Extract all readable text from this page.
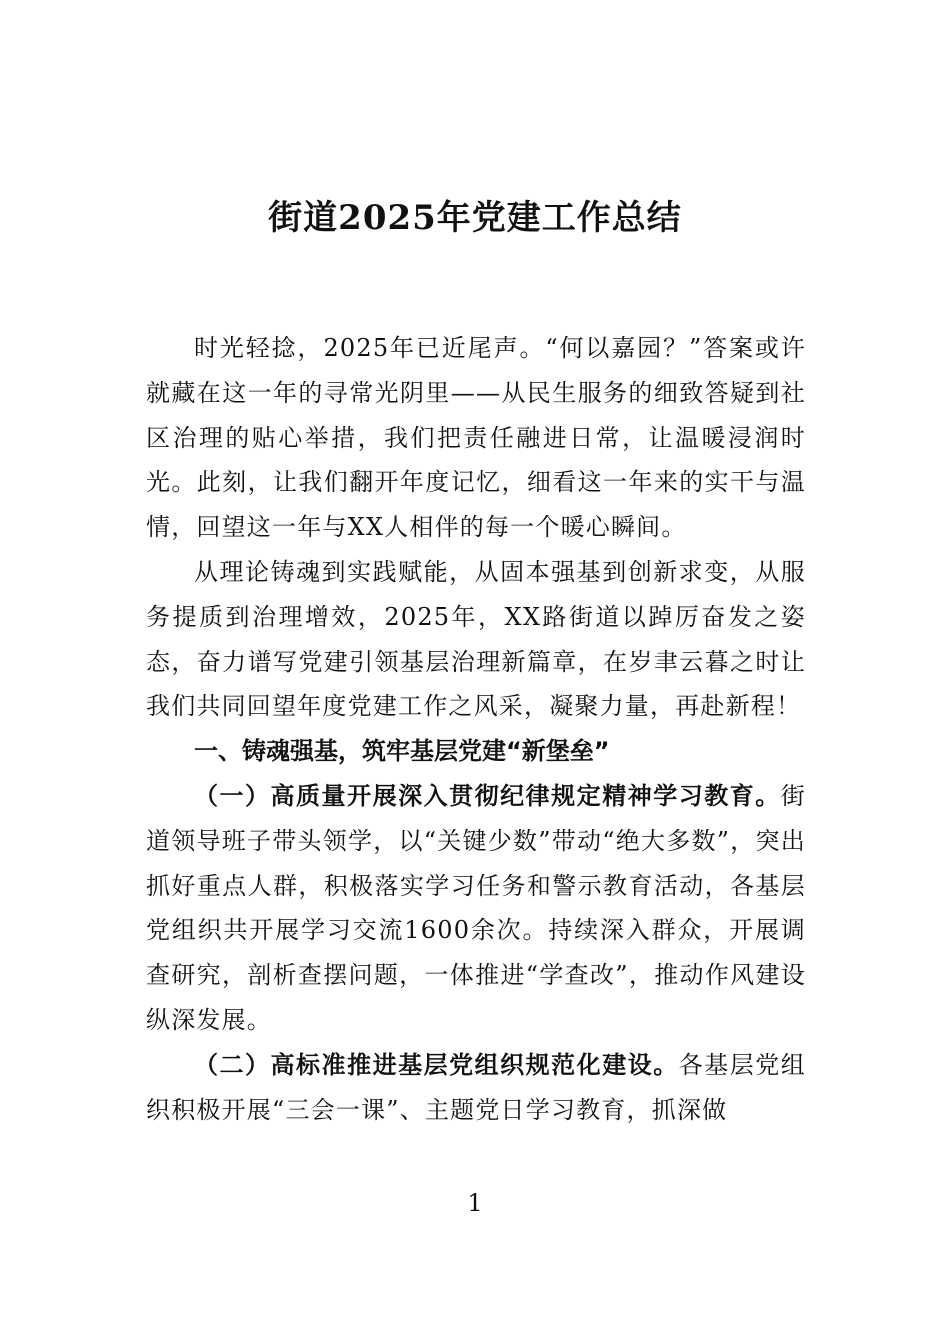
街道2025年党建工作总结

时光轻捻，2025年已近尾声。“何以嘉园？”答案或许就藏在这一年的寻常光阴里——从民生服务的细致答疑到社区治理的贴心举措，我们把责任融进日常，让温暖浸润时光。此刻，让我们翻开年度记忆，细看这一年来的实干与温情，回望这一年与XX人相伴的每一个暖心瞬间。

从理论铸魂到实践赋能，从固本强基到创新求变，从服务提质到治理增效，2025年，XX路街道以踔厉奋发之姿态，奋力谱写党建引领基层治理新篇章，在岁聿云暮之时让我们共同回望年度党建工作之风采，凝聚力量，再赴新程！

一、铸魂强基，筑牢基层党建“新堡垒”

（一）高质量开展深入贯彻纪律规定精神学习教育。街道领导班子带头领学，以“关键少数”带动“绝大多数”，突出抓好重点人群，积极落实学习任务和警示教育活动，各基层党组织共开展学习交流1600余次。持续深入群众，开展调查研究，剖析查摆问题，一体推进“学查改”，推动作风建设纵深发展。

（二）高标准推进基层党组织规范化建设。各基层党组织积极开展“三会一课”、主题党日学习教育，抓深做

1
